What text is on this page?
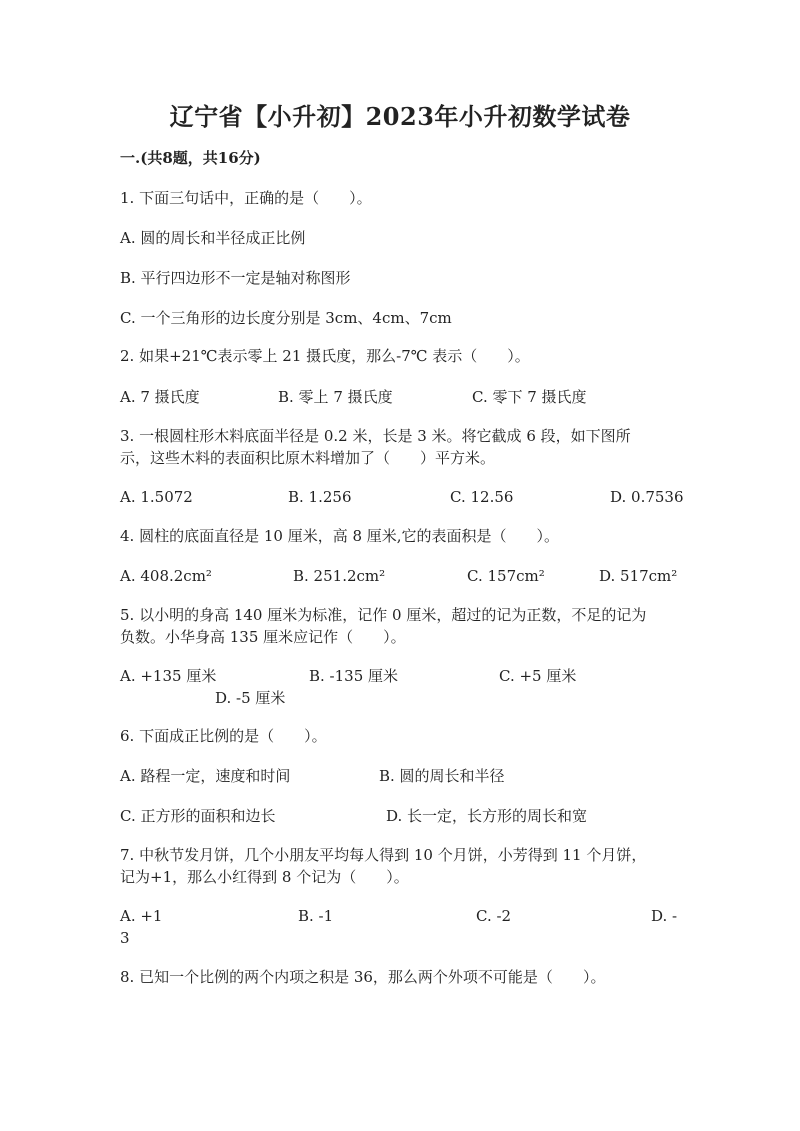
辽宁省【小升初】2023年小升初数学试卷
一.(共8题，共16分)
1. 下面三句话中，正确的是（　　）。
A. 圆的周长和半径成正比例
B. 平行四边形不一定是轴对称图形
C. 一个三角形的边长度分别是 3cm、4cm、7cm
2. 如果+21℃表示零上 21 摄氏度，那么-7℃ 表示（　　）。
A. 7 摄氏度	B. 零上 7 摄氏度	C. 零下 7 摄氏度
3. 一根圆柱形木料底面半径是 0.2 米，长是 3 米。将它截成 6 段，如下图所
示，这些木料的表面积比原木料增加了（　　）平方米。
A. 1.5072	B. 1.256	C. 12.56	D. 0.7536
4. 圆柱的底面直径是 10 厘米，高 8 厘米,它的表面积是（　　）。
A. 408.2cm²	B. 251.2cm²	C. 157cm²	D. 517cm²
5. 以小明的身高 140 厘米为标准，记作 0 厘米，超过的记为正数，不足的记为
负数。小华身高 135 厘米应记作（　　）。
A. +135 厘米	B. -135 厘米	C. +5 厘米
D. -5 厘米
6. 下面成正比例的是（　　）。
A. 路程一定，速度和时间	B. 圆的周长和半径
C. 正方形的面积和边长	D. 长一定，长方形的周长和宽
7. 中秋节发月饼，几个小朋友平均每人得到 10 个月饼，小芳得到 11 个月饼，
记为+1，那么小红得到 8 个记为（　　）。
A. +1	B. -1	C. -2	D. -
3
8. 已知一个比例的两个内项之积是 36，那么两个外项不可能是（　　）。
